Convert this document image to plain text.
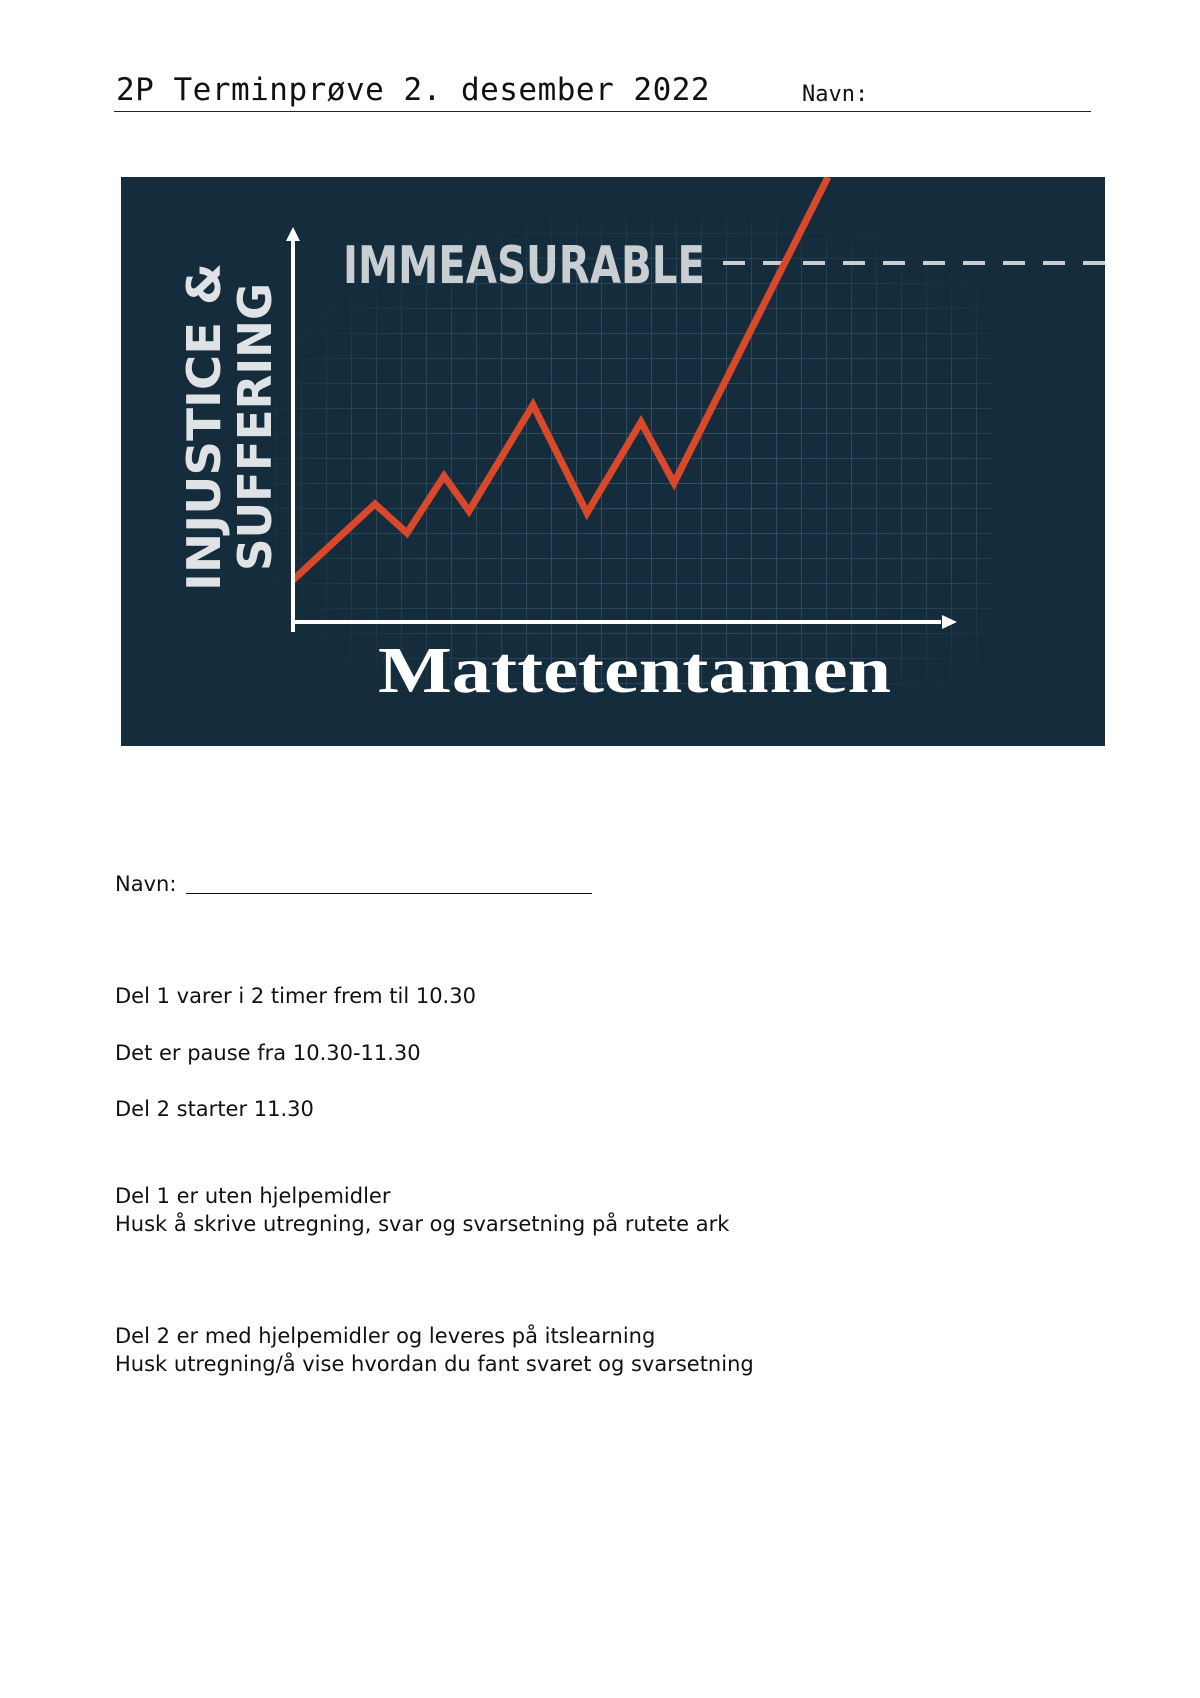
2P Terminprøve 2. desember 2022	Navn:
IMMEASURABLE
INJUSTICE &
SUFFERING
Mattetentamen
Navn:
Del 1 varer i 2 timer frem til 10.30
Det er pause fra 10.30-11.30
Del 2 starter 11.30
Del 1 er uten hjelpemidler
Husk å skrive utregning, svar og svarsetning på rutete ark
Del 2 er med hjelpemidler og leveres på itslearning
Husk utregning/å vise hvordan du fant svaret og svarsetning
